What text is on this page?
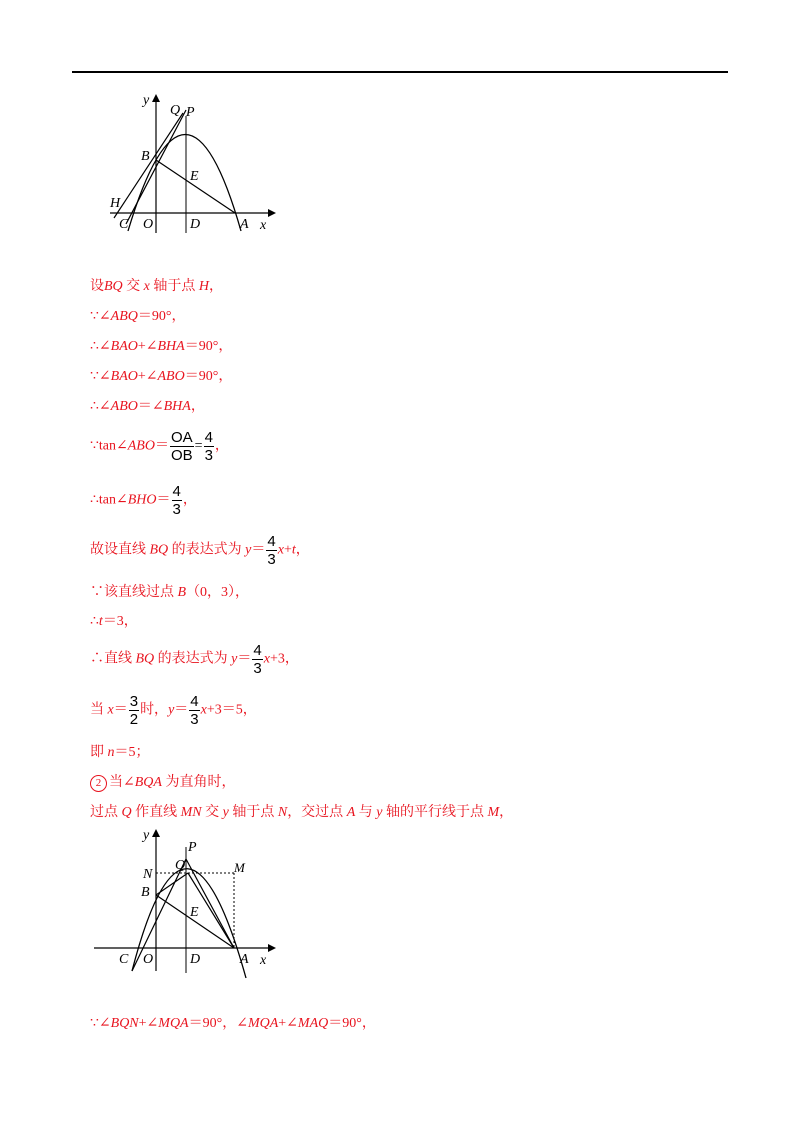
y
Q P
B
E
H
C O	D	A x
设BQ 交 x 轴于点 H，
∵∠ABQ＝90°，
∴∠BAO+∠BHA＝90°，
∵∠BAO+∠ABO＝90°，
∴∠ABO＝∠BHA，
∵tan∠ABO＝ $\frac{OA}{OB} = \frac{4}{3}$ ，
∴tan∠BHO＝ $\frac{4}{3}$ ，
故设直线 BQ 的表达式为 $y= \frac{4}{3} x+t$，
∵该直线过点 B（0，3），
∴t＝3，
∴直线 BQ 的表达式为 $y= \frac{4}{3} x+3$，
当 $x= \frac{3}{2}$ 时，$y= \frac{4}{3} x+3=5$，
即 n＝5；
2 当∠BQA 为直角时，
过点 Q 作直线 MN 交 y 轴于点 N，交过点 A 与 y 轴的平行线于点 M，
y
P
Q
N	M
B
E
C O	D	A x
∵∠BQN+∠MQA＝90°，∠MQA+∠MAQ＝90°，
